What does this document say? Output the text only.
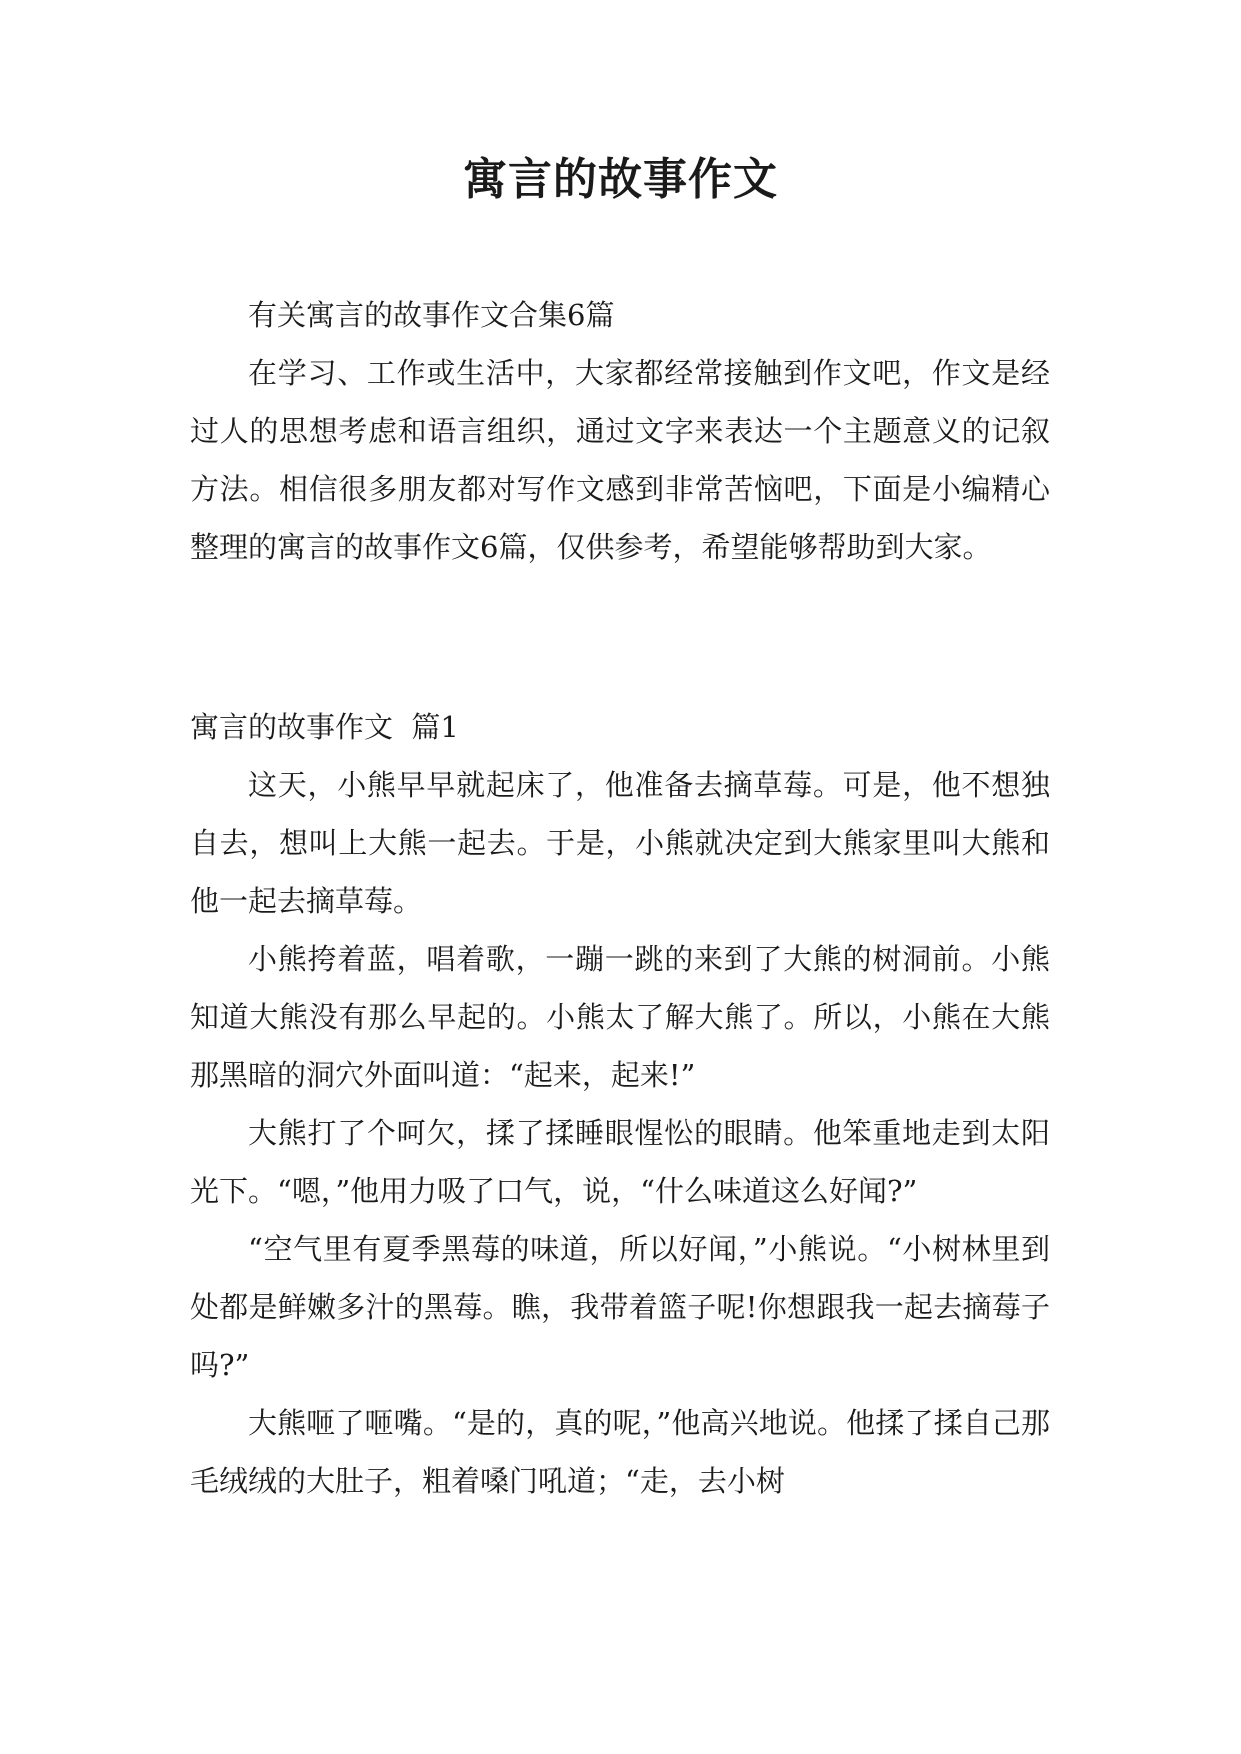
寓言的故事作文

有关寓言的故事作文合集6篇

在学习、工作或生活中，大家都经常接触到作文吧，作文是经过人的思想考虑和语言组织，通过文字来表达一个主题意义的记叙方法。相信很多朋友都对写作文感到非常苦恼吧，下面是小编精心整理的寓言的故事作文6篇，仅供参考，希望能够帮助到大家。

寓言的故事作文  篇1

这天，小熊早早就起床了，他准备去摘草莓。可是，他不想独自去，想叫上大熊一起去。于是，小熊就决定到大熊家里叫大熊和他一起去摘草莓。

小熊挎着蓝，唱着歌，一蹦一跳的来到了大熊的树洞前。小熊知道大熊没有那么早起的。小熊太了解大熊了。所以，小熊在大熊那黑暗的洞穴外面叫道：“起来，起来!”

大熊打了个呵欠，揉了揉睡眼惺忪的眼睛。他笨重地走到太阳光下。“嗯，”他用力吸了口气，说，“什么味道这么好闻?”

“空气里有夏季黑莓的味道，所以好闻，”小熊说。“小树林里到处都是鲜嫩多汁的黑莓。瞧，我带着篮子呢!你想跟我一起去摘莓子吗?”

大熊咂了咂嘴。“是的，真的呢，”他高兴地说。他揉了揉自己那毛绒绒的大肚子，粗着嗓门吼道；“走，去小树
